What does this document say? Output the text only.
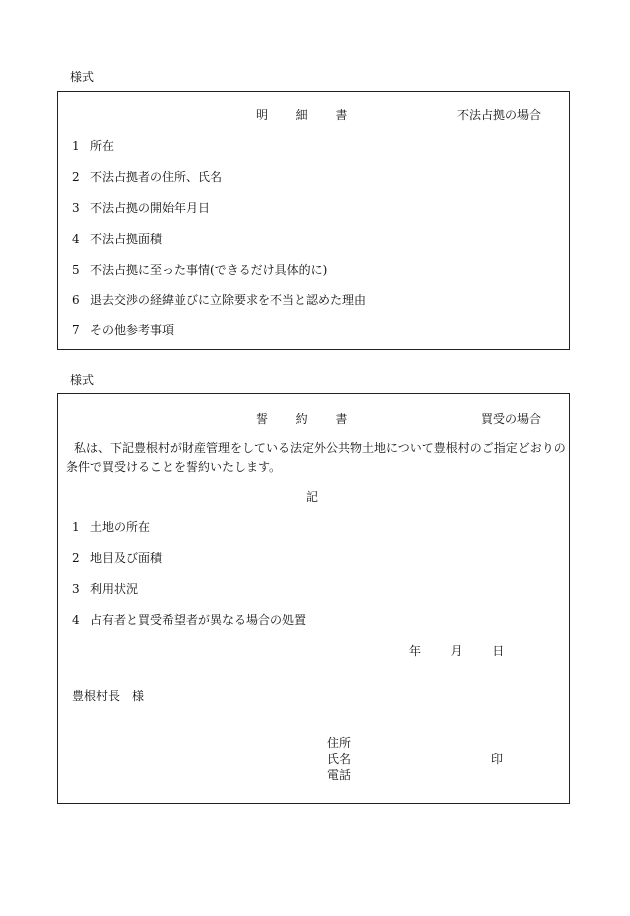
様式
明 細 書	不法占拠の場合
1 所在
2 不法占拠者の住所、氏名
3 不法占拠の開始年月日
4 不法占拠面積
5 不法占拠に至った事情(できるだけ具体的に)
6 退去交渉の経緯並びに立除要求を不当と認めた理由
7 その他参考事項
様式
誓 約 書	買受の場合
私は、下記豊根村が財産管理をしている法定外公共物土地について豊根村のご指定どおりの条件で買受けることを誓約いたします。
記
1 土地の所在
2 地目及び面積
3 利用状況
4 占有者と買受希望者が異なる場合の処置
年 月 日
豊根村長　様
住所
氏名	印
電話
